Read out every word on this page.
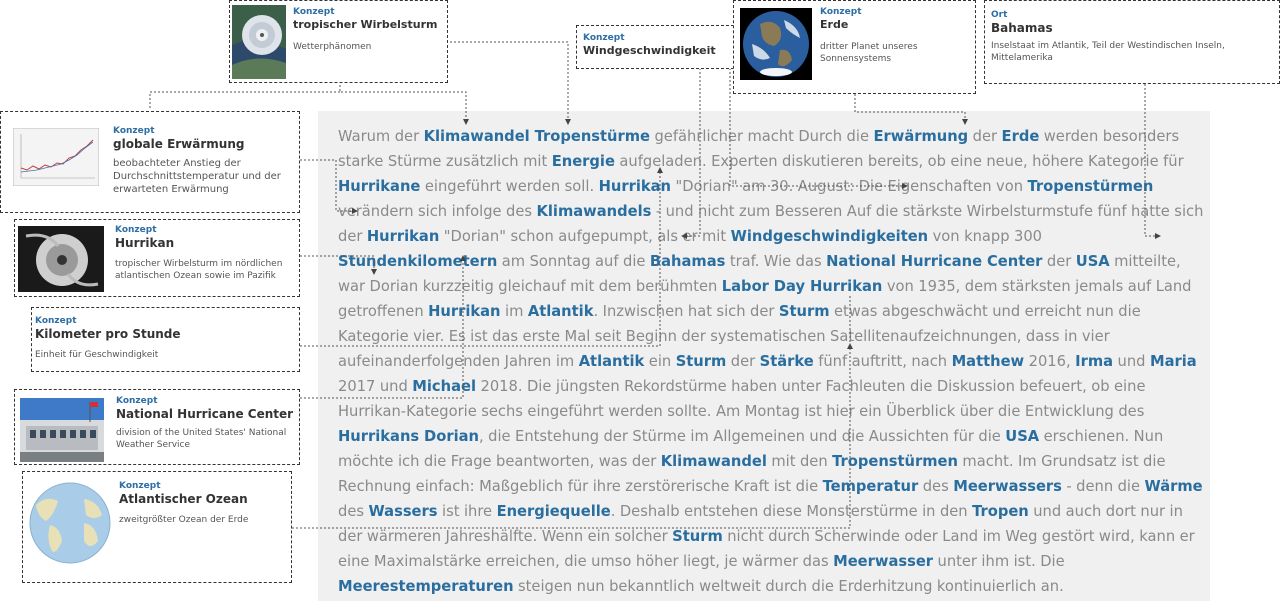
Warum der Klimawandel Tropenstürme gefährlicher macht Durch die Erwärmung der Erde werden besonders starke Stürme zusätzlich mit Energie aufgeladen. Experten diskutieren bereits, ob eine neue, höhere Kategorie für Hurrikane eingeführt werden soll. Hurrikan "Dorian" am 30. August: Die Eigenschaften von Tropenstürmen verändern sich infolge des Klimawandels - und nicht zum Besseren Auf die stärkste Wirbelsturmstufe fünf hatte sich der Hurrikan "Dorian" schon aufgepumpt, als er mit Windgeschwindigkeiten von knapp 300 Stundenkilometern am Sonntag auf die Bahamas traf. Wie das National Hurricane Center der USA mitteilte, war Dorian kurzzeitig gleichauf mit dem berühmten Labor Day Hurrikan von 1935, dem stärksten jemals auf Land getroffenen Hurrikan im Atlantik. Inzwischen hat sich der Sturm etwas abgeschwächt und erreicht nun die Kategorie vier. Es ist das erste Mal seit Beginn der systematischen Satellitenaufzeichnungen, dass in vier aufeinanderfolgenden Jahren im Atlantik ein Sturm der Stärke fünf auftritt, nach Matthew 2016, Irma und Maria 2017 und Michael 2018. Die jüngsten Rekordstürme haben unter Fachleuten die Diskussion befeuert, ob eine Hurrikan-Kategorie sechs eingeführt werden sollte. Am Montag ist hier ein Überblick über die Entwicklung des Hurrikans Dorian, die Entstehung der Stürme im Allgemeinen und die Aussichten für die USA erschienen. Nun möchte ich die Frage beantworten, was der Klimawandel mit den Tropenstürmen macht. Im Grundsatz ist die Rechnung einfach: Maßgeblich für ihre zerstörerische Kraft ist die Temperatur des Meerwassers - denn die Wärme des Wassers ist ihre Energiequelle. Deshalb entstehen diese Monsterstürme in den Tropen und auch dort nur in der wärmeren Jahreshälfte. Wenn ein solcher Sturm nicht durch Scherwinde oder Land im Weg gestört wird, kann er eine Maximalstärke erreichen, die umso höher liegt, je wärmer das Meerwasser unter ihm ist. Die Meerestemperaturen steigen nun bekanntlich weltweit durch die Erderhitzung kontinuierlich an.

Konzept
tropischer Wirbelsturm
Wetterphänomen
Konzept
Windgeschwindigkeit
Konzept
Erde
dritter Planet unseres Sonnensystems
Ort
Bahamas
Inselstaat im Atlantik, Teil der Westindischen Inseln, Mittelamerika
Konzept
globale Erwärmung
beobachteter Anstieg der Durchschnittstemperatur und der erwarteten Erwärmung
Konzept
Hurrikan
tropischer Wirbelsturm im nördlichen atlantischen Ozean sowie im Pazifik
Konzept
Kilometer pro Stunde
Einheit für Geschwindigkeit
Konzept
National Hurricane Center
division of the United States' National Weather Service
Konzept
Atlantischer Ozean
zweitgrößter Ozean der Erde
